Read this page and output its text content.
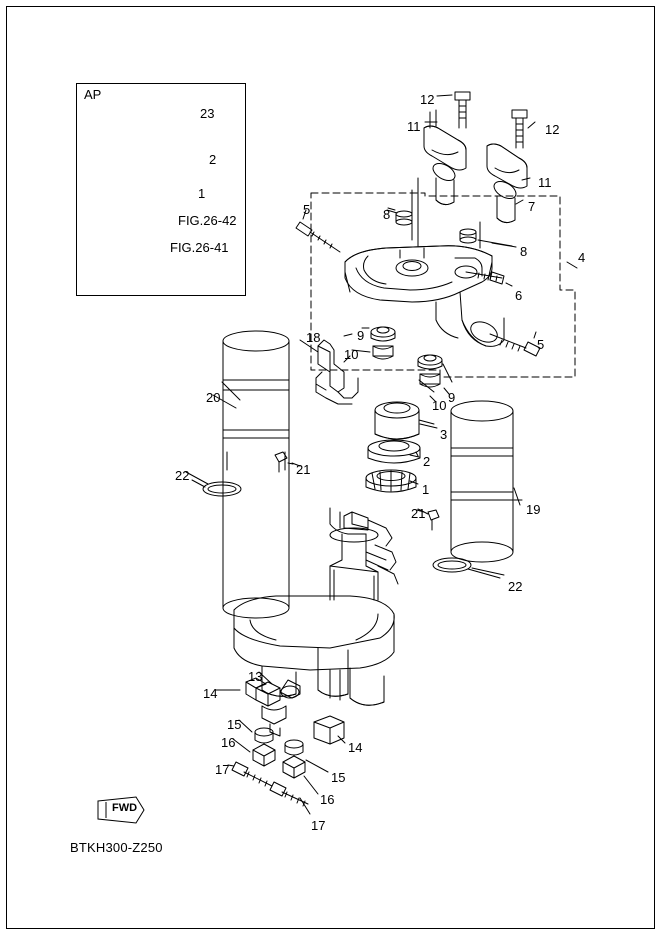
AP
FWD
FIG.26-42
FIG.26-41
BTKH300-Z250
23
2
1
12
11	12
11
7
5	8
8	4
6
5
9
18
10
9
10
3
20
2
1
22	21
21	19
22
13
14
15
16
17
14
15
16
17
